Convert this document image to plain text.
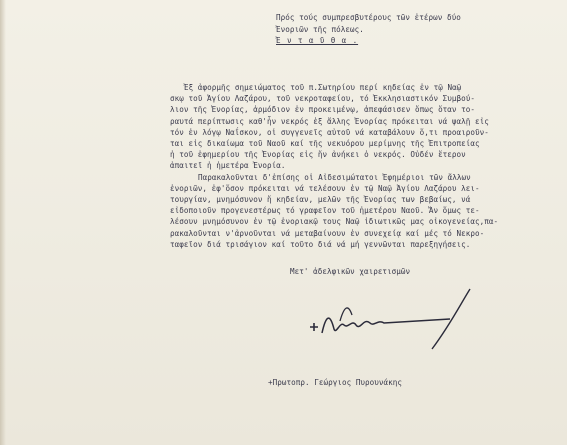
Πρός τούς συμπρεσβυτέρους τῶν ἑτέρων δύο
Ἐνοριῶν τῆς πόλεως.
Ἐ ν τ α ῦ θ α .
Ἐξ ἀφορμῆς σημειώματος τοῦ π.Σωτηρίου περί κηδείας ἐν τῷ Ναῷ
σκῳ τοῦ Ἁγίου Λαζάρου, τοῦ νεκροταφείου, τό Ἐκκλησιαστικόν Συμβού-
λιον τῆς Ἐνορίας, ἁρμόδιον ἐν προκειμένῳ, ἀπεφάσισεν ὅπως ὅταν το-
ραυτά περίπτωσις καθ'ἦν νεκρός ἐξ ἄλλης Ἐνορίας πρόκειται νά ψαλῇ εἰς
τόν ἐν λόγῳ Ναΐσκον, οἱ συγγενεῖς αὐτοῦ νά καταβάλουν ὅ,τι προαιροῦν-
ται εἰς δικαίωμα τοῦ Ναοῦ καί τῆς νεκυόρου μερίμνης τῆς Ἐπιτροπείας
ἡ τοῦ ἐφημερίου τῆς Ἐνορίας εἰς ἥν ἀνήκει ὁ νεκρός. Οὐδέν ἕτερον
ἀπαιτεῖ ἡ ἡμετέρα Ἐνορία.
Παρακαλοῦνται δ'ἐπίσης οἱ Αἰδεσιμώτατοι Ἐφημέριοι τῶν ἄλλων
ἐνοριῶν, ἐφ'ὅσον πρόκειται νά τελέσουν ἐν τῷ Ναῷ Ἁγίου Λαζάρου λει-
τουργίαν, μνημόσυνον ἤ κηδείαν, μελῶν τῆς Ἐνορίας των βεβαίως, νά
εἰδοποιοῦν προγενεστέρως τό γραφεῖον τοῦ ἡμετέρου Ναοῦ. Ἄν ὅμως τε-
λέσουν μνημόσυνον ἐν τῷ ἐνοριακῷ τους Ναῷ ἰδιωτικῶς μας οἰκογενείας,πα-
ρακαλοῦνται ν'ἀρνοῦνται νά μεταβαίνουν ἐν συνεχείᾳ καί μές τό Νεκρο-
ταφεῖον διά τρισάγιον καί τοῦτο διά νά μή γεννῶνται παρεξηγήσεις.
Μετ' ἀδελφικῶν χαιρετισμῶν
+Πρωτοπρ. Γεώργιος Πυρουνάκης
